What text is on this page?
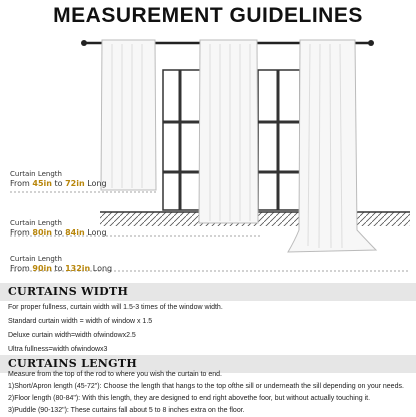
MEASUREMENT GUIDELINES
Curtain Length
From 45in to 72in Long
Curtain Length
From 80in to 84in Long
Curtain Length
From 90in to 132in Long
CURTAINS WIDTH
For proper fullness, curtain width will 1.5-3 times of the window width.
Standard curtain width = width of window x 1.5
Deluxe curtain width=width ofwindowx2.5
Ultra fullness=width ofwindowx3
CURTAINS LENGTH
Measure from the top of the rod to where you wish the curtain to end.
1)Short/Apron length (45-72"): Choose the length that hangs to the top ofthe sill or underneath the sill depending on your needs.
2)Floor length (80-84"): With this length, they are designed to end right abovethe foor, but without actually touching it.
3)Puddle (90-132"): These curtains fall about 5 to 8 inches extra on the floor.
